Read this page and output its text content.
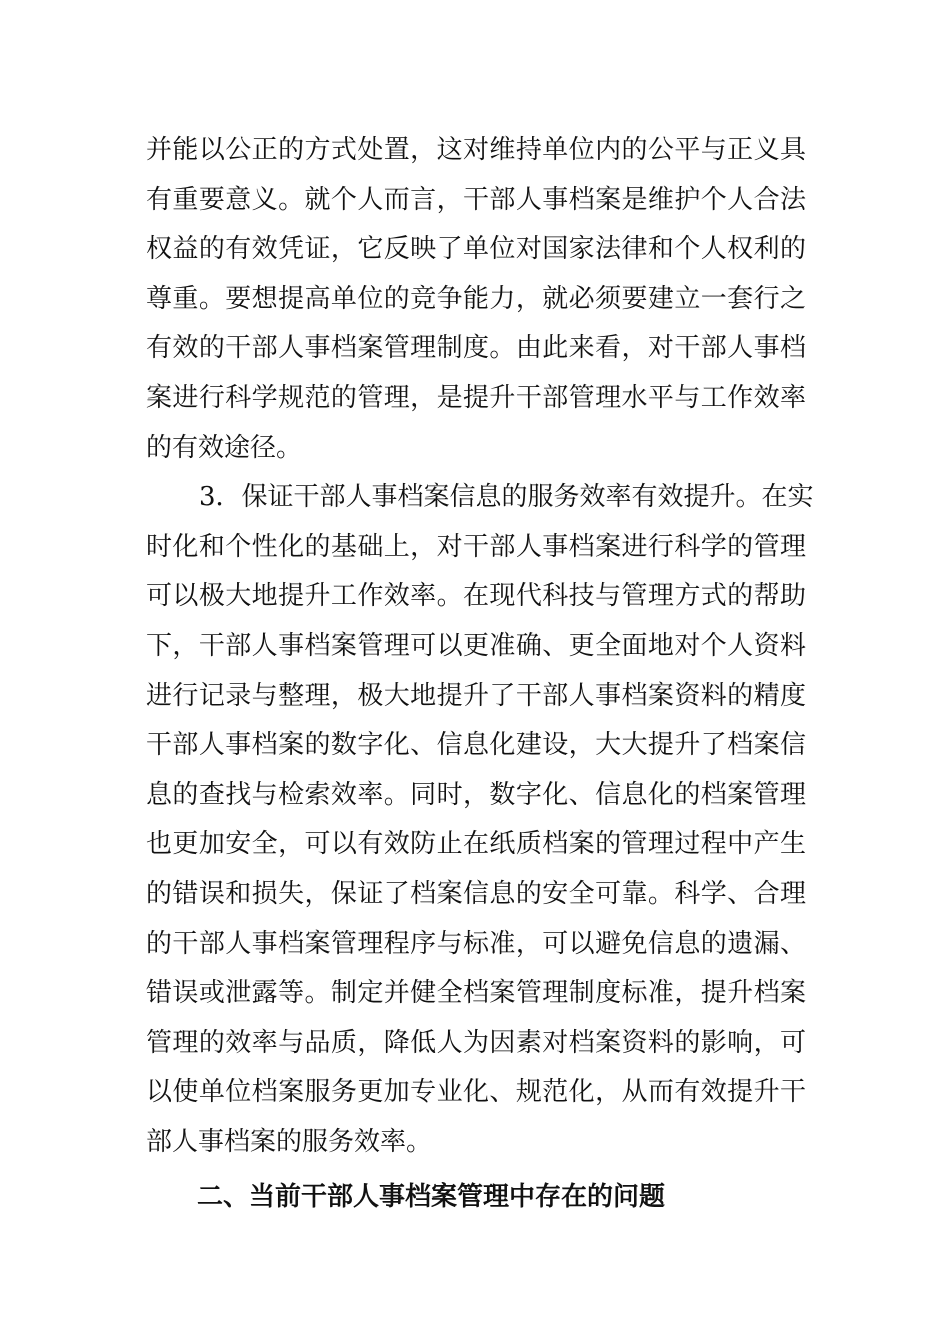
并能以公正的方式处置，这对维持单位内的公平与正义具
有重要意义。就个人而言，干部人事档案是维护个人合法
权益的有效凭证，它反映了单位对国家法律和个人权利的
尊重。要想提高单位的竞争能力，就必须要建立一套行之
有效的干部人事档案管理制度。由此来看，对干部人事档
案进行科学规范的管理，是提升干部管理水平与工作效率
的有效途径。
3．保证干部人事档案信息的服务效率有效提升。在实
时化和个性化的基础上，对干部人事档案进行科学的管理
可以极大地提升工作效率。在现代科技与管理方式的帮助
下，干部人事档案管理可以更准确、更全面地对个人资料
进行记录与整理，极大地提升了干部人事档案资料的精度
干部人事档案的数字化、信息化建设，大大提升了档案信
息的查找与检索效率。同时，数字化、信息化的档案管理
也更加安全，可以有效防止在纸质档案的管理过程中产生
的错误和损失，保证了档案信息的安全可靠。科学、合理
的干部人事档案管理程序与标准，可以避免信息的遗漏、
错误或泄露等。制定并健全档案管理制度标准，提升档案
管理的效率与品质，降低人为因素对档案资料的影响，可
以使单位档案服务更加专业化、规范化，从而有效提升干
部人事档案的服务效率。
二、当前干部人事档案管理中存在的问题
